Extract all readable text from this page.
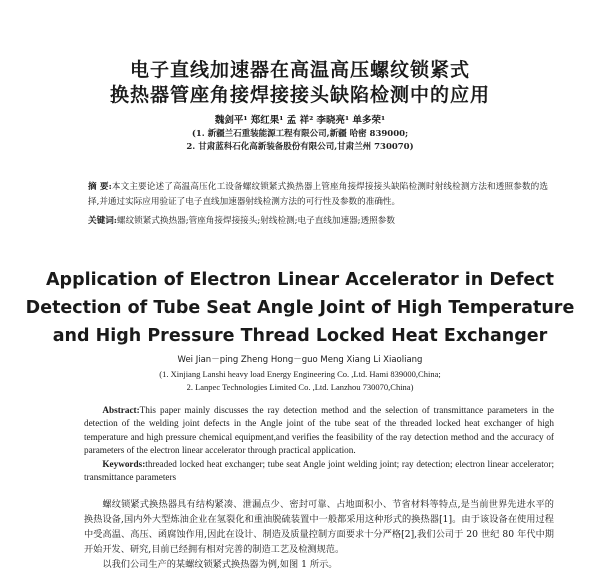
电子直线加速器在高温高压螺纹锁紧式
换热器管座角接焊接接头缺陷检测中的应用
魏剑平¹ 郑红果¹ 孟 祥² 李晓亮¹ 单多荣¹
(1. 新疆兰石重装能源工程有限公司,新疆 哈密 839000;
2. 甘肃蓝科石化高新装备股份有限公司,甘肃兰州 730070)

摘 要:本文主要论述了高温高压化工设备螺纹锁紧式换热器上管座角接焊接接头缺陷检测时射线检测方法和透照参数的选择,并通过实际应用验证了电子直线加速器射线检测方法的可行性及参数的准确性。

关键词:螺纹锁紧式换热器;管座角接焊接接头;射线检测;电子直线加速器;透照参数

Application of Electron Linear Accelerator in Defect
Detection of Tube Seat Angle Joint of High Temperature
and High Pressure Thread Locked Heat Exchanger
Wei Jian－ping Zheng Hong－guo Meng Xiang Li Xiaoliang
(1. Xinjiang Lanshi heavy load Energy Engineering Co. ,Ltd. Hami 839000,China;
2. Lanpec Technologies Limited Co. ,Ltd. Lanzhou 730070,China)

Abstract:This paper mainly discusses the ray detection method and the selection of transmittance parameters in the detection of the welding joint defects in the Angle joint of the tube seat of the threaded locked heat exchanger of high temperature and high pressure chemical equipment,and verifies the feasibility of the ray detection method and the accuracy of parameters of the electron linear accelerator through practical application.

Keywords:threaded locked heat exchanger; tube seat Angle joint welding joint; ray detection; electron linear accelerator; transmittance parameters

螺纹锁紧式换热器具有结构紧凑、泄漏点少、密封可靠、占地面积小、节省材料等特点,是当前世界先进水平的换热设备,国内外大型炼油企业在氢裂化和重油脱硫装置中一般都采用这种形式的换热器[1]。由于该设备在使用过程中受高温、高压、函腐蚀作用,因此在设计、制造及质量控制方面要求十分严格[2],我们公司于 20 世纪 80 年代中期开始开发、研究,目前已经拥有相对完善的制造工艺及检测规范。

以我们公司生产的某螺纹锁紧式换热器为例,如图 1 所示。
